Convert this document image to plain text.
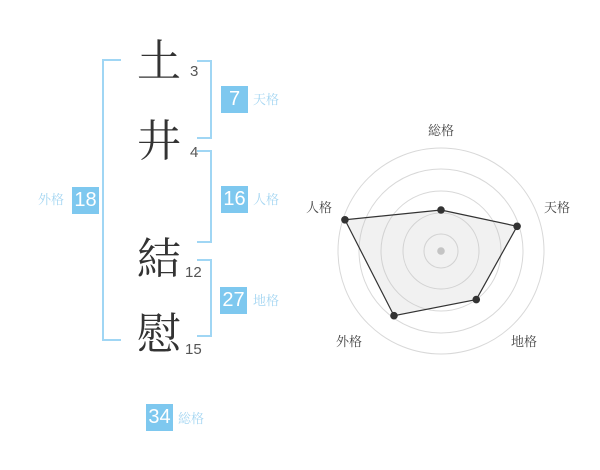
土
井
結
慰
3
4
12
15
7 天格
16 人格
27 地格
外格 18
34 総格
総格
天格
地格
外格
人格
